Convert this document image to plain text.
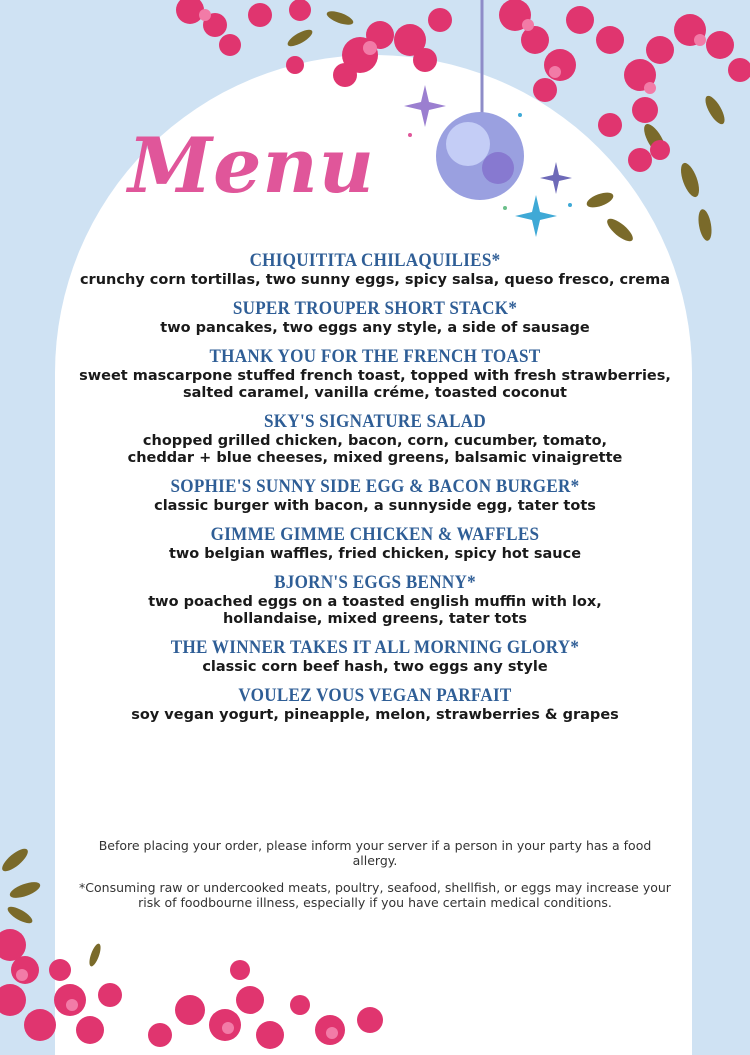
Menu
CHIQUITITA CHILAQUILIES*
crunchy corn tortillas, two sunny eggs, spicy salsa, queso fresco, crema
SUPER TROUPER SHORT STACK*
two pancakes, two eggs any style, a side of sausage
THANK YOU FOR THE FRENCH TOAST
sweet mascarpone stuffed french toast, topped with fresh strawberries,
salted caramel, vanilla créme, toasted coconut
SKY'S SIGNATURE SALAD
chopped grilled chicken, bacon, corn, cucumber, tomato,
cheddar + blue cheeses, mixed greens, balsamic vinaigrette
SOPHIE'S SUNNY SIDE EGG & BACON BURGER*
classic burger with bacon, a sunnyside egg, tater tots
GIMME GIMME CHICKEN & WAFFLES
two belgian waffles, fried chicken, spicy hot sauce
BJORN'S EGGS BENNY*
two poached eggs on a toasted english muffin with lox,
hollandaise, mixed greens, tater tots
THE WINNER TAKES IT ALL MORNING GLORY*
classic corn beef hash, two eggs any style
VOULEZ VOUS VEGAN PARFAIT
soy vegan yogurt, pineapple, melon, strawberries & grapes

Before placing your order, please inform your server if a person in your party has a food allergy.

*Consuming raw or undercooked meats, poultry, seafood, shellfish, or eggs may increase your risk of foodbourne illness, especially if you have certain medical conditions.
